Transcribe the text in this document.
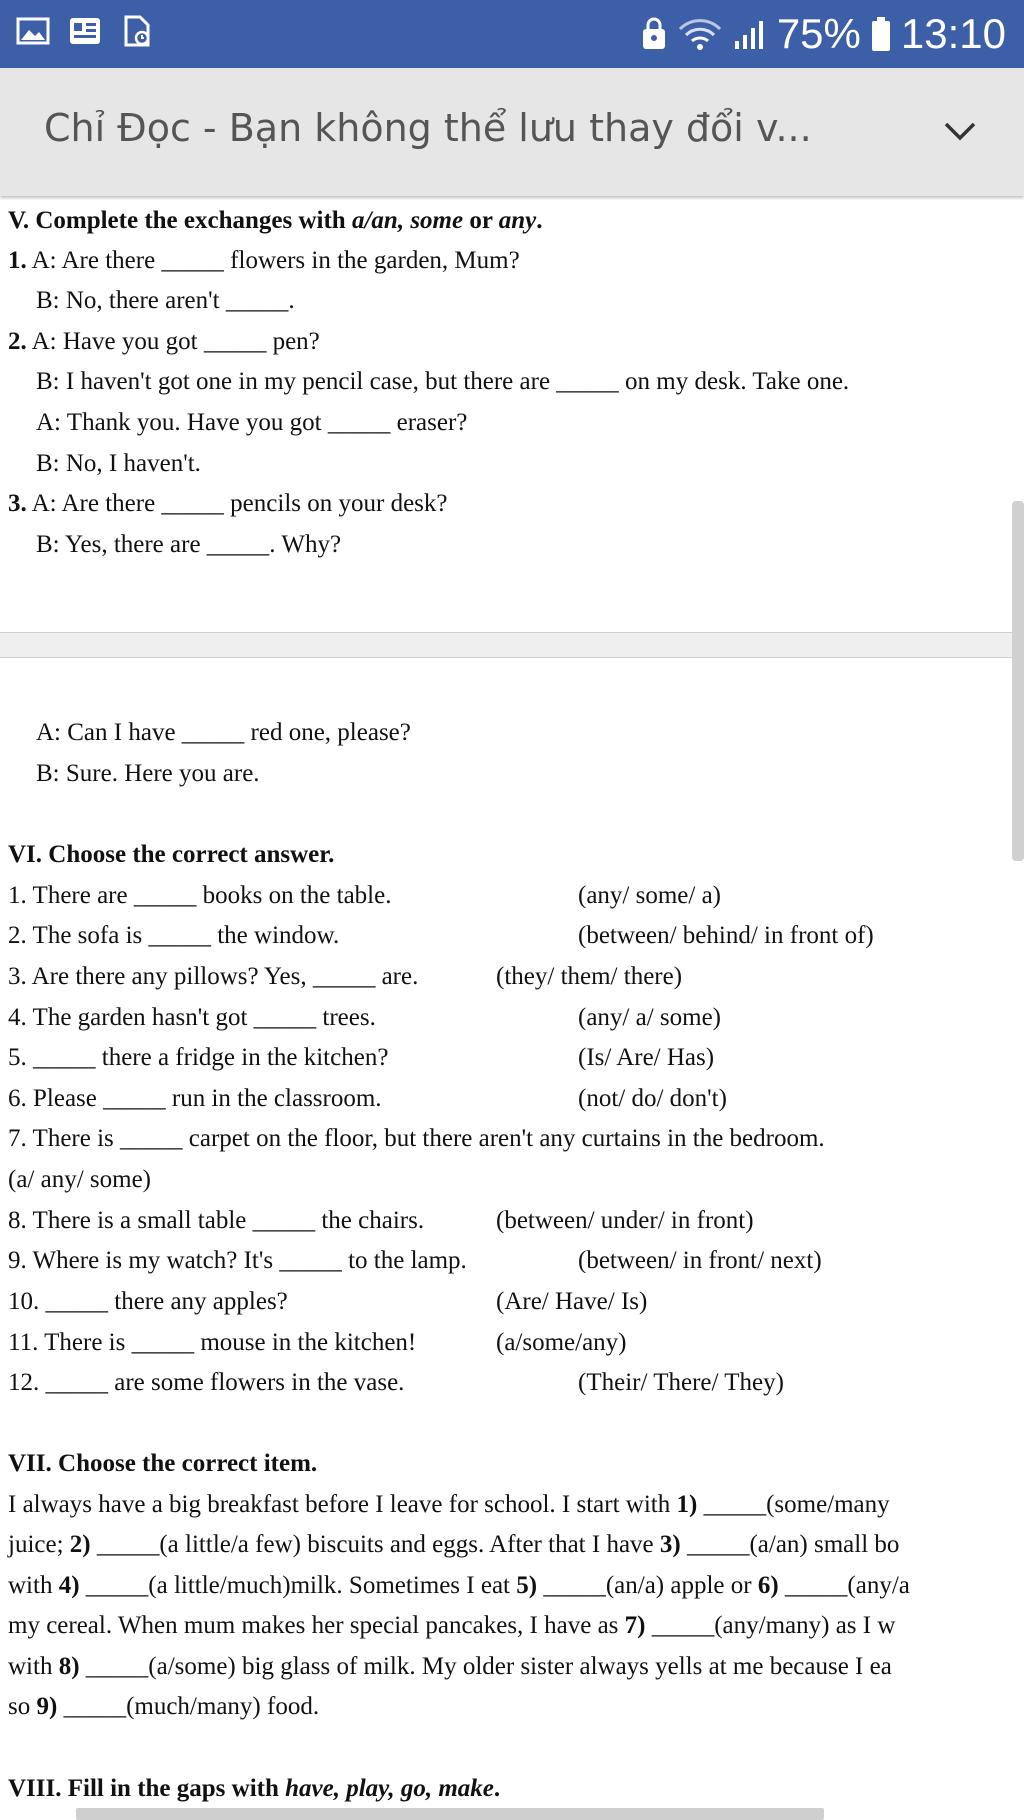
75% 13:10
Chỉ Đọc - Bạn không thể lưu thay đổi v...
V. Complete the exchanges with a/an, some or any.
1. A: Are there _____ flowers in the garden, Mum?
B: No, there aren't _____.
2. A: Have you got _____ pen?
B: I haven't got one in my pencil case, but there are _____ on my desk. Take one.
A: Thank you. Have you got _____ eraser?
B: No, I haven't.
3. A: Are there _____ pencils on your desk?
B: Yes, there are _____. Why?
A: Can I have _____ red one, please?
B: Sure. Here you are.
VI. Choose the correct answer.
1. There are _____ books on the table.	(any/ some/ a)
2. The sofa is _____ the window.	(between/ behind/ in front of)
3. Are there any pillows? Yes, _____ are.	(they/ them/ there)
4. The garden hasn't got _____ trees.	(any/ a/ some)
5. _____ there a fridge in the kitchen?	(Is/ Are/ Has)
6. Please _____ run in the classroom.	(not/ do/ don't)
7. There is _____ carpet on the floor, but there aren't any curtains in the bedroom.
(a/ any/ some)
8. There is a small table _____ the chairs.	(between/ under/ in front)
9. Where is my watch? It's _____ to the lamp.	(between/ in front/ next)
10. _____ there any apples?	(Are/ Have/ Is)
11. There is _____ mouse in the kitchen!	(a/some/any)
12. _____ are some flowers in the vase.	(Their/ There/ They)
VII. Choose the correct item.
I always have a big breakfast before I leave for school. I start with 1) _____(some/many
juice; 2) _____(a little/a few) biscuits and eggs. After that I have 3) _____(a/an) small bo
with 4) _____(a little/much)milk. Sometimes I eat 5) _____(an/a) apple or 6) _____(any/a
my cereal. When mum makes her special pancakes, I have as 7) _____(any/many) as I w
with 8) _____(a/some) big glass of milk. My older sister always yells at me because I ea
so 9) _____(much/many) food.
VIII. Fill in the gaps with have, play, go, make.
